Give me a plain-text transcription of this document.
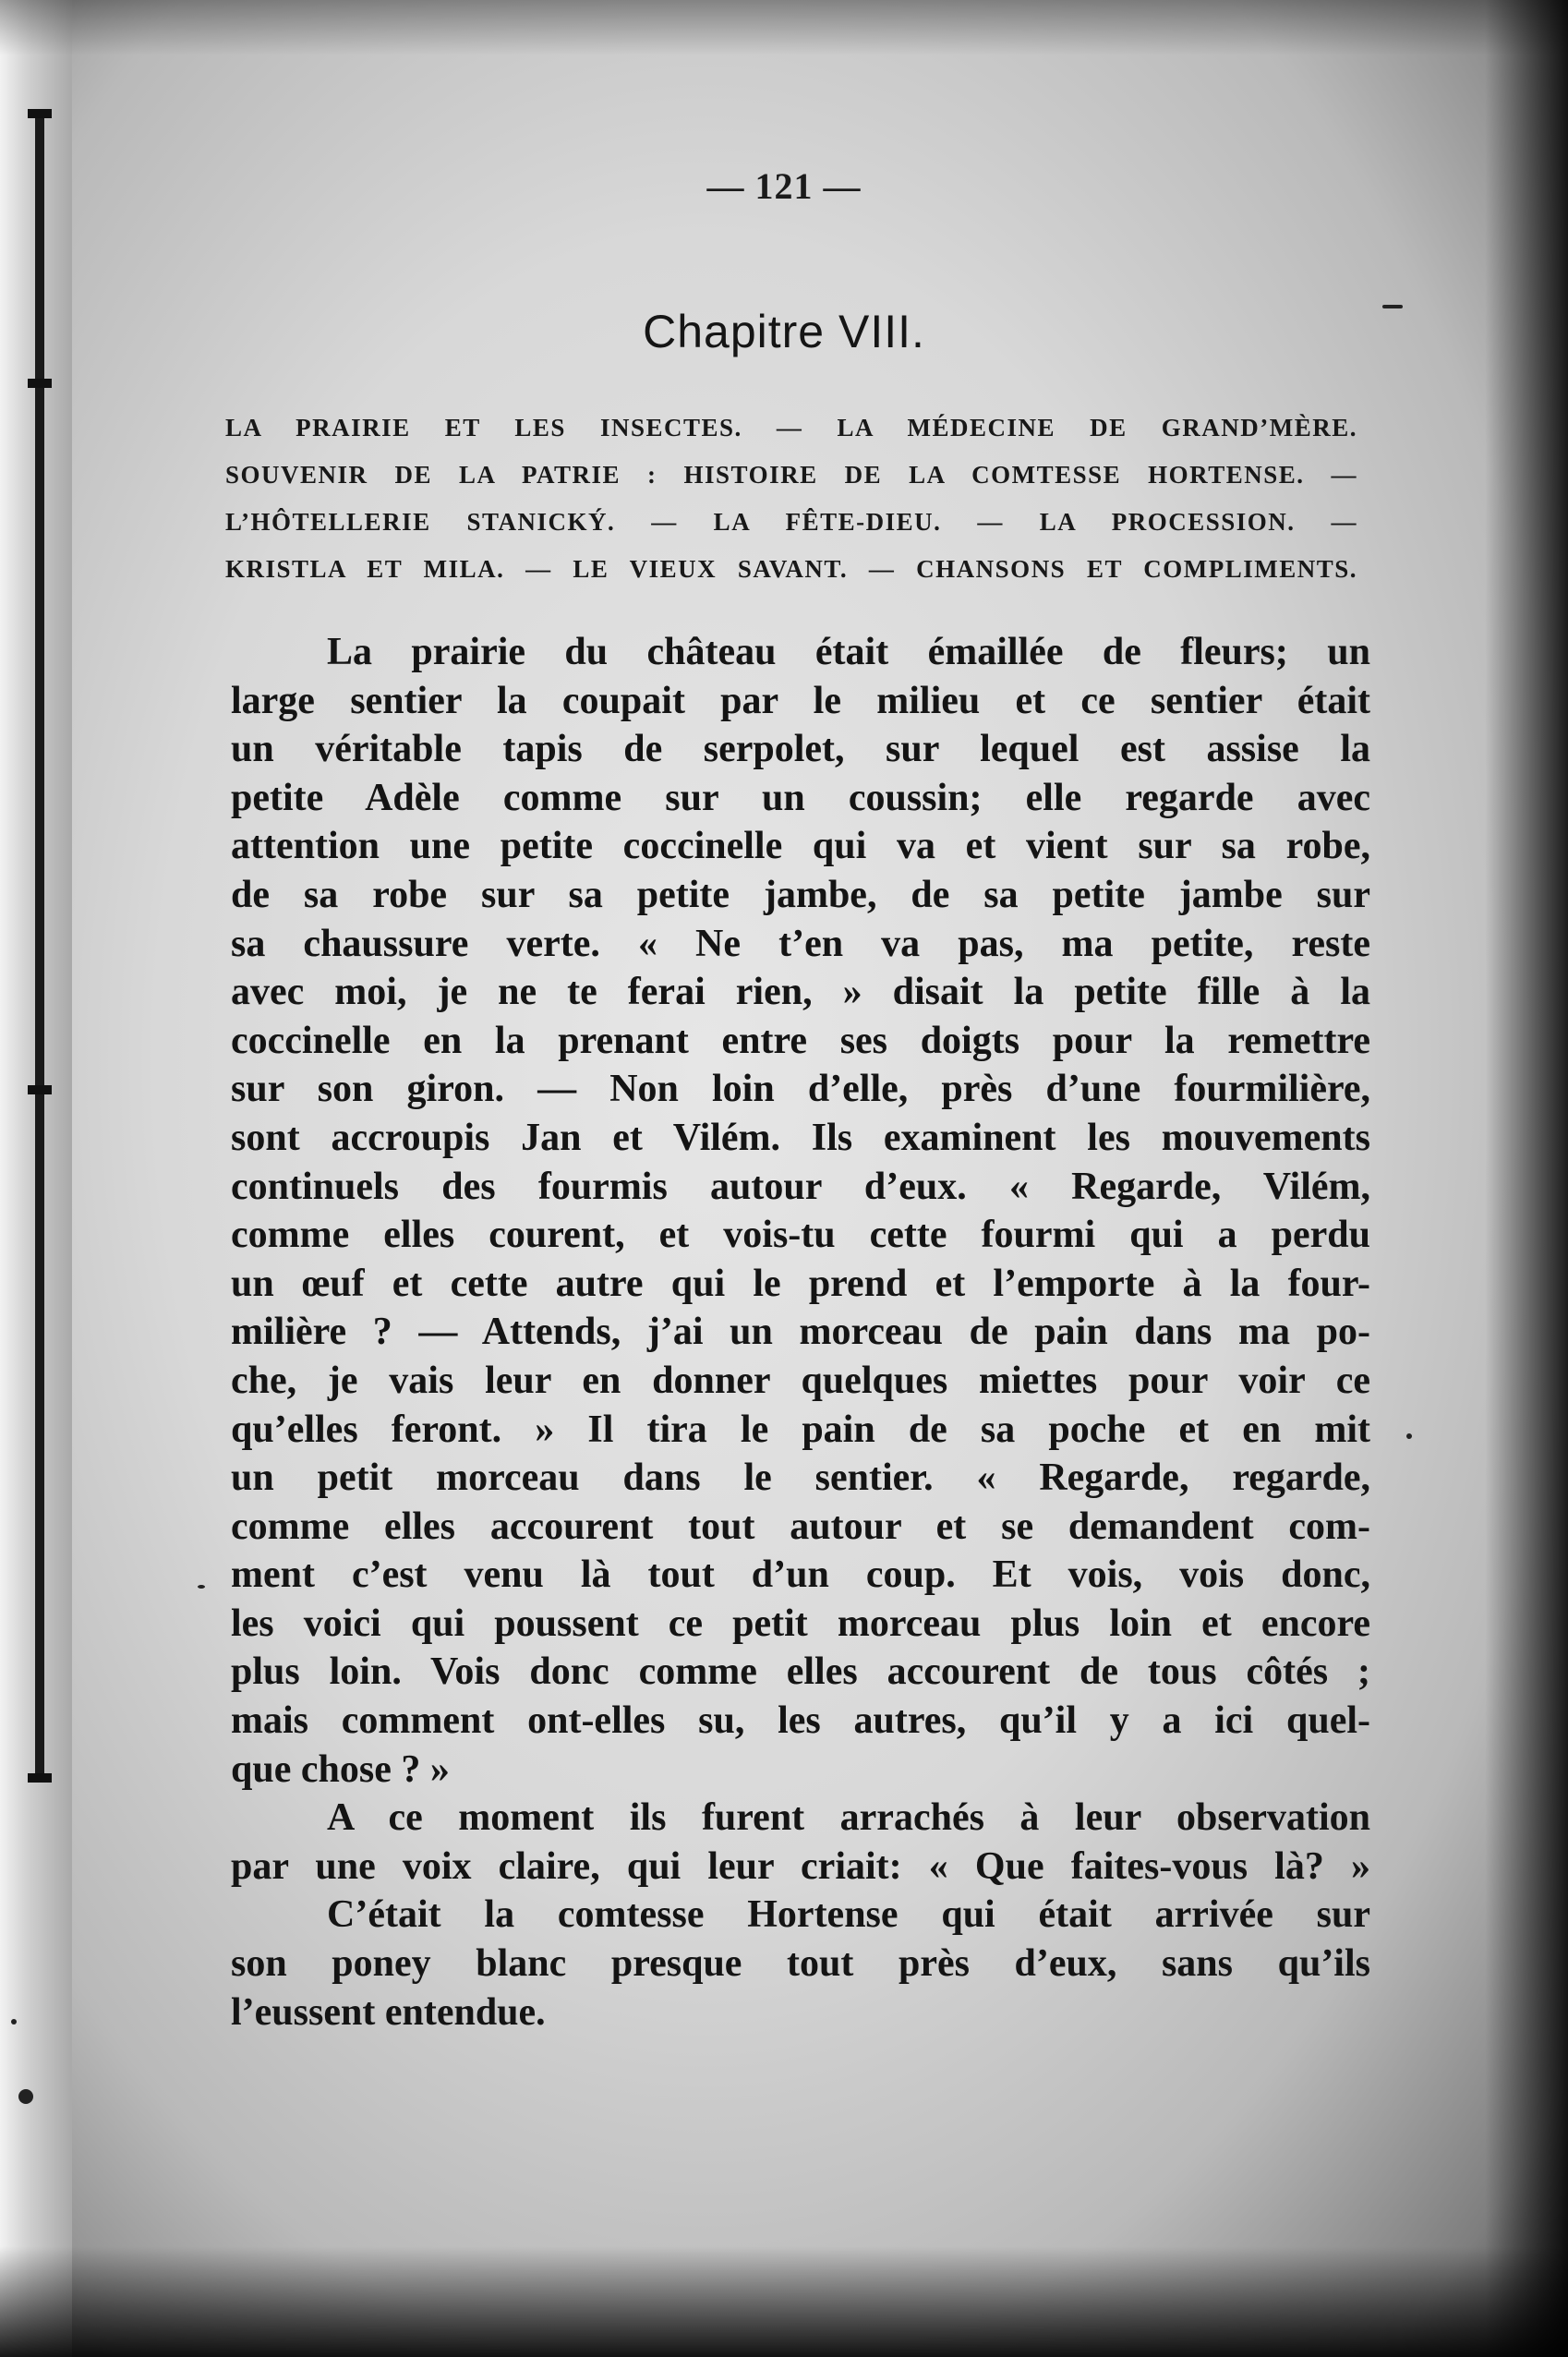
— 121 —
Chapitre VIII.
LA PRAIRIE ET LES INSECTES. — LA MÉDECINE DE GRAND’MÈRE.
SOUVENIR DE LA PATRIE : HISTOIRE DE LA COMTESSE HORTENSE. —
L’HÔTELLERIE STANICKÝ. — LA FÊTE-DIEU. — LA PROCESSION. —
KRISTLA ET MILA. — LE VIEUX SAVANT. — CHANSONS ET COMPLIMENTS.
La prairie du château était émaillée de fleurs; un
large sentier la coupait par le milieu et ce sentier était
un véritable tapis de serpolet, sur lequel est assise la
petite Adèle comme sur un coussin; elle regarde avec
attention une petite coccinelle qui va et vient sur sa robe,
de sa robe sur sa petite jambe, de sa petite jambe sur
sa chaussure verte. « Ne t’en va pas, ma petite, reste
avec moi, je ne te ferai rien, » disait la petite fille à la
coccinelle en la prenant entre ses doigts pour la remettre
sur son giron. — Non loin d’elle, près d’une fourmilière,
sont accroupis Jan et Vilém. Ils examinent les mouvements
continuels des fourmis autour d’eux. « Regarde, Vilém,
comme elles courent, et vois-tu cette fourmi qui a perdu
un œuf et cette autre qui le prend et l’emporte à la four-
milière ? — Attends, j’ai un morceau de pain dans ma po-
che, je vais leur en donner quelques miettes pour voir ce
qu’elles feront. » Il tira le pain de sa poche et en mit
un petit morceau dans le sentier. « Regarde, regarde,
comme elles accourent tout autour et se demandent com-
ment c’est venu là tout d’un coup. Et vois, vois donc,
les voici qui poussent ce petit morceau plus loin et encore
plus loin. Vois donc comme elles accourent de tous côtés ;
mais comment ont-elles su, les autres, qu’il y a ici quel-
que chose ? »
A ce moment ils furent arrachés à leur observation
par une voix claire, qui leur criait: « Que faites-vous là? »
C’était la comtesse Hortense qui était arrivée sur
son poney blanc presque tout près d’eux, sans qu’ils
l’eussent entendue.
